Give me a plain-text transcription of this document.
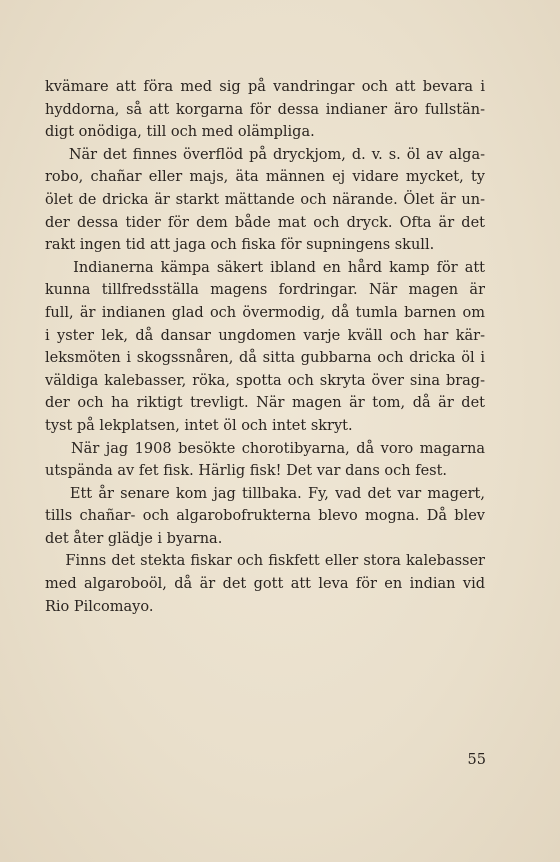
kvämare att föra med sig på vandringar och att bevara i
hyddorna, så att korgarna för dessa indianer äro fullstän-
digt onödiga, till och med olämpliga.
När det finnes överflöd på dryckjom, d. v. s. öl av alga-
robo, chañar eller majs, äta männen ej vidare mycket, ty
ölet de dricka är starkt mättande och närande. Ölet är un-
der dessa tider för dem både mat och dryck. Ofta är det
rakt ingen tid att jaga och fiska för supningens skull.
Indianerna kämpa säkert ibland en hård kamp för att
kunna tillfredsställa magens fordringar. När magen är
full, är indianen glad och övermodig, då tumla barnen om
i yster lek, då dansar ungdomen varje kväll och har kär-
leksmöten i skogssnåren, då sitta gubbarna och dricka öl i
väldiga kalebasser, röka, spotta och skryta över sina brag-
der och ha riktigt trevligt. När magen är tom, då är det
tyst på lekplatsen, intet öl och intet skryt.
När jag 1908 besökte chorotibyarna, då voro magarna
utspända av fet fisk. Härlig fisk! Det var dans och fest.
Ett år senare kom jag tillbaka. Fy, vad det var magert,
tills chañar- och algarobofrukterna blevo mogna. Då blev
det åter glädje i byarna.
Finns det stekta fiskar och fiskfett eller stora kalebasser
med algaroboöl, då är det gott att leva för en indian vid
Rio Pilcomayo.
55
